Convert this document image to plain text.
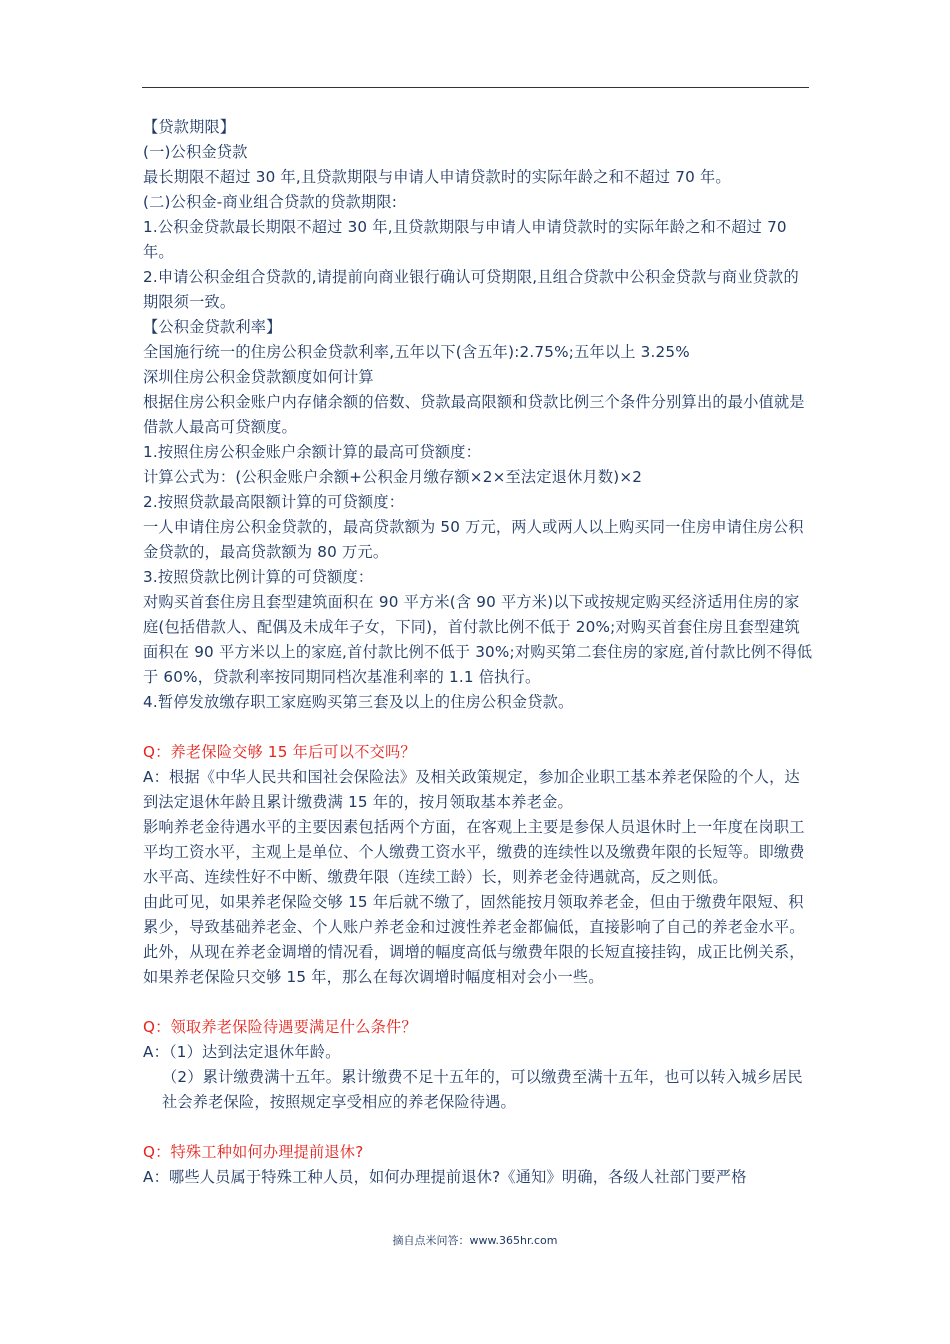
【贷款期限】

(一)公积金贷款

最长期限不超过 30 年,且贷款期限与申请人申请贷款时的实际年龄之和不超过 70 年。

(二)公积金-商业组合贷款的贷款期限:

1.公积金贷款最长期限不超过 30 年,且贷款期限与申请人申请贷款时的实际年龄之和不超过 70 年。

2.申请公积金组合贷款的,请提前向商业银行确认可贷期限,且组合贷款中公积金贷款与商业贷款的期限须一致。

【公积金贷款利率】

全国施行统一的住房公积金贷款利率,五年以下(含五年):2.75%;五年以上 3.25%

深圳住房公积金贷款额度如何计算

根据住房公积金账户内存储余额的倍数、贷款最高限额和贷款比例三个条件分别算出的最小值就是借款人最高可贷额度。

1.按照住房公积金账户余额计算的最高可贷额度：

计算公式为：(公积金账户余额+公积金月缴存额×2×至法定退休月数)×2

2.按照贷款最高限额计算的可贷额度：

一人申请住房公积金贷款的，最高贷款额为 50 万元，两人或两人以上购买同一住房申请住房公积金贷款的，最高贷款额为 80 万元。

3.按照贷款比例计算的可贷额度：

对购买首套住房且套型建筑面积在 90 平方米(含 90 平方米)以下或按规定购买经济适用住房的家庭(包括借款人、配偶及未成年子女，下同)，首付款比例不低于 20%;对购买首套住房且套型建筑面积在 90 平方米以上的家庭,首付款比例不低于 30%;对购买第二套住房的家庭,首付款比例不得低于 60%，贷款利率按同期同档次基准利率的 1.1 倍执行。

4.暂停发放缴存职工家庭购买第三套及以上的住房公积金贷款。

Q：养老保险交够 15 年后可以不交吗？

A：根据《中华人民共和国社会保险法》及相关政策规定，参加企业职工基本养老保险的个人，达到法定退休年龄且累计缴费满 15 年的，按月领取基本养老金。

影响养老金待遇水平的主要因素包括两个方面，在客观上主要是参保人员退休时上一年度在岗职工平均工资水平，主观上是单位、个人缴费工资水平，缴费的连续性以及缴费年限的长短等。即缴费水平高、连续性好不中断、缴费年限（连续工龄）长，则养老金待遇就高，反之则低。

由此可见，如果养老保险交够 15 年后就不缴了，固然能按月领取养老金，但由于缴费年限短、积累少，导致基础养老金、个人账户养老金和过渡性养老金都偏低，直接影响了自己的养老金水平。此外，从现在养老金调增的情况看，调增的幅度高低与缴费年限的长短直接挂钩，成正比例关系，如果养老保险只交够 15 年，那么在每次调增时幅度相对会小一些。

Q：领取养老保险待遇要满足什么条件？

A：（1）达到法定退休年龄。

（2）累计缴费满十五年。累计缴费不足十五年的，可以缴费至满十五年，也可以转入城乡居民社会养老保险，按照规定享受相应的养老保险待遇。

Q：特殊工种如何办理提前退休?

A：哪些人员属于特殊工种人员，如何办理提前退休?《通知》明确，各级人社部门要严格

摘自点米问答：www.365hr.com
